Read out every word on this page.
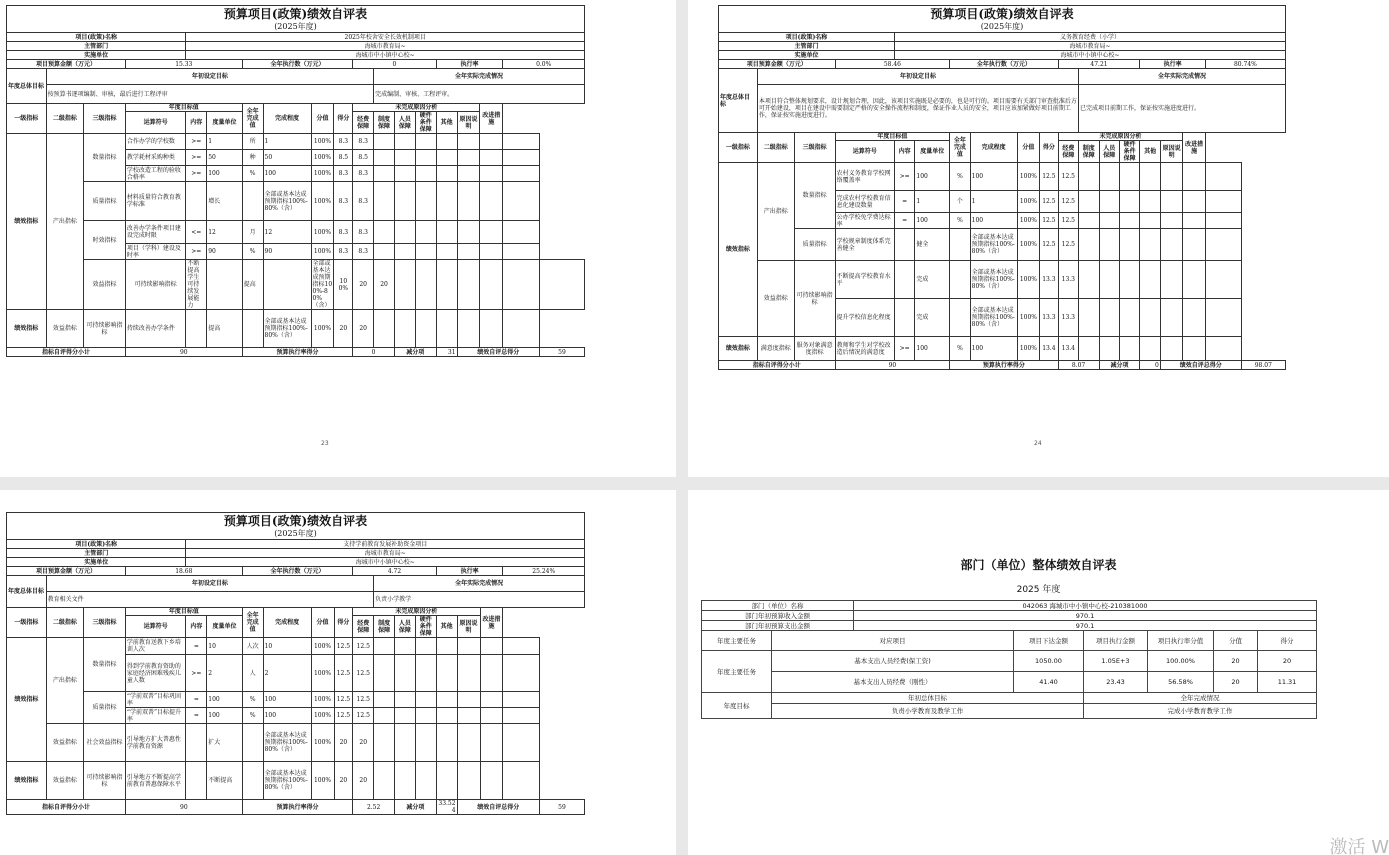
预算项目(政策)绩效自评表
(2025年度)
项目(政策)名称				2025年校舍安全长效机制项目														
主管部门				海城市教育局~														
实施单位				海城市中小镇中心校~														
项目预算金额（万元）			15.33			全年执行数（万元）				0				执行率			0.0%	
年度总体目标	年初设定目标										全年实际完成情况							
	按预算书逐项编制、审核，最后进行工程评审										完成编制、审核、工程评审。							
一级指标	二级指标	三级指标	年度目标值			全年完成值	完成程度	分值	得分	未完成原因分析						改进措施		
			运算符号	内容	度量单位					经费保障	制度保障	人员保障	硬件条件保障	其他	原因说明			
绩效指标	产出指标	数量指标	合作办学的学校数	>=	1	所	1	100%	8.3	8.3								
			教学耗材采购种类	>=	50	种	50	100%	8.5	8.5								
			学校改造工程的验收合格率	>=	100	%	100	100%	8.3	8.3								
		质量指标	材料质量符合教育教学标准		增长		全部或基本达成预期指标100%-80%（含）	100%	8.3	8.3								
		时效指标	改善办学条件项目建设完成时限	<=	12	月	12	100%	8.3	8.3								
			项目（学科）建设及时率	>=	90	%	90	100%	8.3	8.3								
		效益指标	可持续影响指标	不断提高学生可持续发展能力		提高		全部或基本达成预期指标100%-80%（含）	100%	20	20							
绩效指标	效益指标	可持续影响指标	持续改善办学条件		提高		全部或基本达成预期指标100%-80%（含）	100%	20	20								
指标自评得分小计			90			预算执行率得分				0		减分项		31	绩效自评总得分			59
23
预算项目(政策)绩效自评表
(2025年度)
项目(政策)名称				义务教育经费（小学）														
主管部门				海城市教育局~														
实施单位				海城市中小镇中心校~														
项目预算金额（万元）			58.46			全年执行数（万元）				47.21				执行率			80.74%	
年度总体目标	年初设定目标										全年实际完成情况							
	本项目符合整体规划要求，设计规划合理，因此，该项目实施既是必要的，也是可行的。项目需要有关部门审查批准后方可开始建设，项目在建设中需要制定严格的安全操作流程和制度，保证作业人员的安全，项目应该加紧做好项目前期工作，保证按实施进度进行。										已完成项目前期工作，保证按实施进度进行。							
一级指标	二级指标	三级指标	年度目标值			全年完成值	完成程度	分值	得分	未完成原因分析						改进措施		
			运算符号	内容	度量单位					经费保障	制度保障	人员保障	硬件条件保障	其他	原因说明			
绩效指标	产出指标	数量指标	农村义务教育学校网络覆盖率	>=	100	%	100	100%	12.5	12.5								
			完成农村学校教育信息化建设数量	=	1	个	1	100%	12.5	12.5								
			公办学校免学费达标率	=	100	%	100	100%	12.5	12.5								
		质量指标	学校规章制度体系完善健全		健全		全部或基本达成预期指标100%-80%（含）	100%	12.5	12.5								
	效益指标	可持续影响指标	不断提高学校教育水平		完成		全部或基本达成预期指标100%-80%（含）	100%	13.3	13.3								
			提升学校信息化程度		完成		全部或基本达成预期指标100%-80%（含）	100%	13.3	13.3								
绩效指标	满意度指标	服务对象满意度指标	教师和学生对学校改造后情况的满意度	>=	100	%	100	100%	13.4	13.4								
指标自评得分小计			90			预算执行率得分				8.07		减分项		0	绩效自评总得分			98.07
24
预算项目(政策)绩效自评表
(2025年度)
项目(政策)名称				支持学前教育发展补助资金项目														
主管部门				海城市教育局~														
实施单位				海城市中小镇中心校~														
项目预算金额（万元）			18.68			全年执行数（万元）				4.72				执行率			25.24%	
年度总体目标	年初设定目标										全年实际完成情况							
	教育相关文件										负责小学教学							
一级指标	二级指标	三级指标	年度目标值			全年完成值	完成程度	分值	得分	未完成原因分析						改进措施		
			运算符号	内容	度量单位					经费保障	制度保障	人员保障	硬件条件保障	其他	原因说明			
绩效指标	产出指标	数量指标	学前教育送教下乡培训人次	=	10	人次	10	100%	12.5	12.5								
			得到学前教育资助的家庭经济困难残疾儿童人数	>=	2	人	2	100%	12.5	12.5								
		质量指标	“学前双普”目标巩固率	=	100	%	100	100%	12.5	12.5								
			“学前双普”目标提升率	=	100	%	100	100%	12.5	12.5								
	效益指标	社会效益指标	引导地方扩大普惠性学前教育资源		扩大		全部或基本达成预期指标100%-80%（含）	100%	20	20								
绩效指标	效益指标	可持续影响指标	引导地方不断提高学前教育普惠保障水平		不断提高		全部或基本达成预期指标100%-80%（含）	100%	20	20								
指标自评得分小计			90			预算执行率得分				2.52		减分项		33.524	绩效自评总得分			59
部门（单位）整体绩效自评表
2025 年度
部门（单位）名称		042063 海城市中小镇中心校-210381000					
部门年初预算收入金额		970.1					
部门年初预算支出金额		970.1					
年度主要任务	对应项目		项目下达金额	项目执行金额	项目执行率分值	分值	得分
年度主要任务	基本支出人员经费(保工资)		1050.00	1.05E+3	100.00%	20	20
	基本支出人员经费（刚性）		41.40	23.43	56.58%	20	11.31
年度目标	年初总体目标			全年完成情况			
	负责小学教育及教学工作			完成小学教育教学工作			
激活 W
